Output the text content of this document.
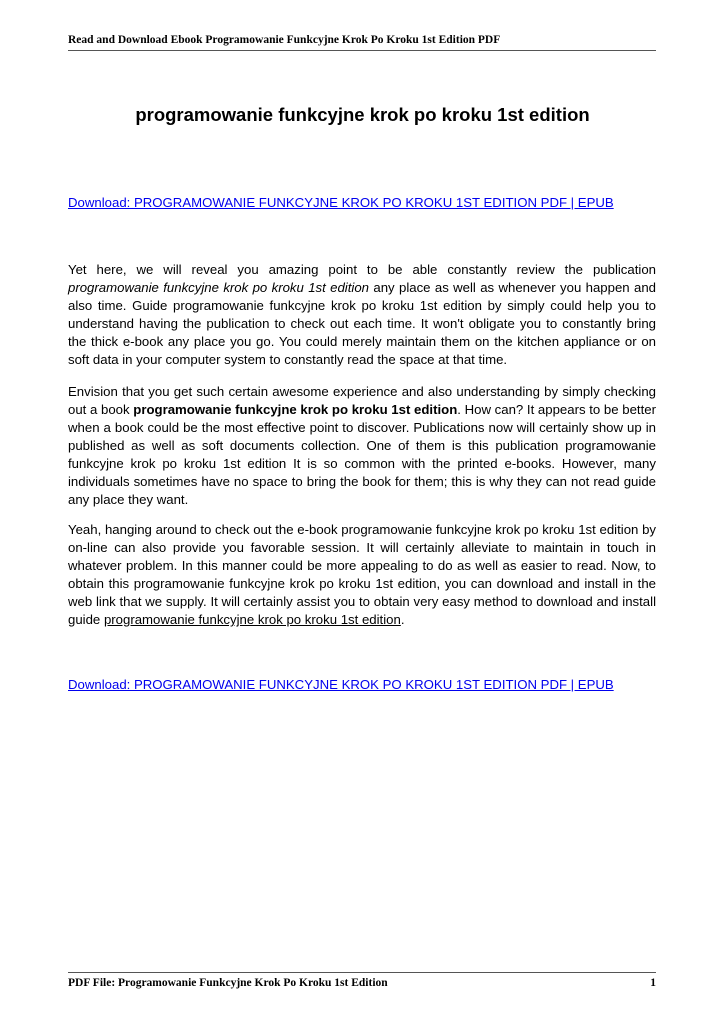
Read and Download Ebook Programowanie Funkcyjne Krok Po Kroku 1st Edition PDF
programowanie funkcyjne krok po kroku 1st edition
Download: PROGRAMOWANIE FUNKCYJNE KROK PO KROKU 1ST EDITION PDF | EPUB

Yet here, we will reveal you amazing point to be able constantly review the publication programowanie funkcyjne krok po kroku 1st edition any place as well as whenever you happen and also time. Guide programowanie funkcyjne krok po kroku 1st edition by simply could help you to understand having the publication to check out each time. It won't obligate you to constantly bring the thick e-book any place you go. You could merely maintain them on the kitchen appliance or on soft data in your computer system to constantly read the space at that time.

Envision that you get such certain awesome experience and also understanding by simply checking out a book programowanie funkcyjne krok po kroku 1st edition. How can? It appears to be better when a book could be the most effective point to discover. Publications now will certainly show up in published as well as soft documents collection. One of them is this publication programowanie funkcyjne krok po kroku 1st edition It is so common with the printed e-books. However, many individuals sometimes have no space to bring the book for them; this is why they can not read guide any place they want.

Yeah, hanging around to check out the e-book programowanie funkcyjne krok po kroku 1st edition by on-line can also provide you favorable session. It will certainly alleviate to maintain in touch in whatever problem. In this manner could be more appealing to do as well as easier to read. Now, to obtain this programowanie funkcyjne krok po kroku 1st edition, you can download and install in the web link that we supply. It will certainly assist you to obtain very easy method to download and install guide programowanie funkcyjne krok po kroku 1st edition.

Download: PROGRAMOWANIE FUNKCYJNE KROK PO KROKU 1ST EDITION PDF | EPUB
PDF File: Programowanie Funkcyjne Krok Po Kroku 1st Edition	1
